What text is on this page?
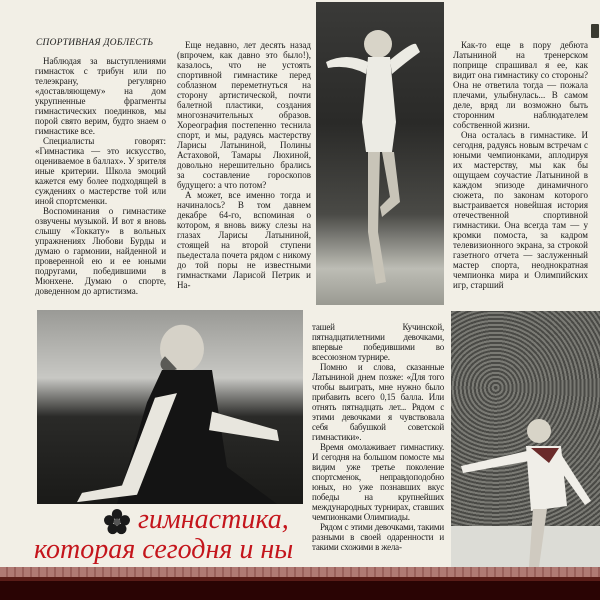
СПОРТИВНАЯ ДОБЛЕСТЬ

Наблюдая за выступлениями гимнасток с трибун или по телеэкрану, регулярно «доставляющему» на дом укрупненные фрагменты гимнастических поединков, мы порой свято верим, будто знаем о гимнастике все.

Специалисты говорят: «Гимнастика — это искусство, оцениваемое в баллах». У зрителя иные критерии. Школа эмоций кажется ему более подходящей в суждениях о мастерстве той или иной спортсменки.

Воспоминания о гимнастике озвучены музыкой. И вот я вновь слышу «Токкату» в вольных упражнениях Любови Бурды и думаю о гармонии, найденной и проверенной ею и ее юными подругами, победившими в Мюнхене. Думаю о спорте, доведенном до артистизма.

Еще недавно, лет десять назад (впрочем, как давно это было!), казалось, что не устоять спортивной гимнастике перед соблазном переметнуться на сторону артистической, почти балетной пластики, создания многозначительных образов. Хореография постепенно теснила спорт, и мы, радуясь мастерству Ларисы Латыниной, Полины Астаховой, Тамары Люхиной, довольно нерешительно брались за составление гороскопов будущего: а что потом?

А может, все именно тогда и начиналось? В том давнем декабре 64-го, вспоминая о котором, я вновь вижу слезы на глазах Ларисы Латыниной, стоящей на второй ступени пьедестала почета рядом с никому до той поры не известными гимнастками Ларисой Петрик и На-

Как-то еще в пору дебюта Латыниной на тренерском поприще спрашивал я ее, как видит она гимнастику со стороны? Она не ответила тогда — пожала плечами, улыбнулась... В самом деле, вряд ли возможно быть сторонним наблюдателем собственной жизни.

Она осталась в гимнастике. И сегодня, радуясь новым встречам с юными чемпионками, аплодируя их мастерству, мы как бы ощущаем соучастие Латыниной в каждом эпизоде динамичного сюжета, по законам которого выстраивается новейшая история отечественной спортивной гимнастики. Она всегда там — у кромки помоста, за кадром телевизионного экрана, за строкой газетного отчета — заслуженный мастер спорта, неоднократная чемпионка мира и Олимпийских игр, старший

ташей Кучинской, пятнадцатилетними девочками, впервые победившими во всесоюзном турнире.

Помню и слова, сказанные Латыниной днем позже: «Для того чтобы выиграть, мне нужно было прибавить всего 0,15 балла. Или отнять пятнадцать лет... Рядом с этими девочками я чувствовала себя бабушкой советской гимнастики».

Время омолаживает гимнастику. И сегодня на большом помосте мы видим уже третье поколение спортсменок, неправдоподобно юных, но уже познавших вкус победы на крупнейших международных турнирах, ставших чемпионками Олимпиады.

Рядом с этими девочками, такими разными в своей одаренности и такими схожими в жела-

гимнастика,
которая сегодня и ны
